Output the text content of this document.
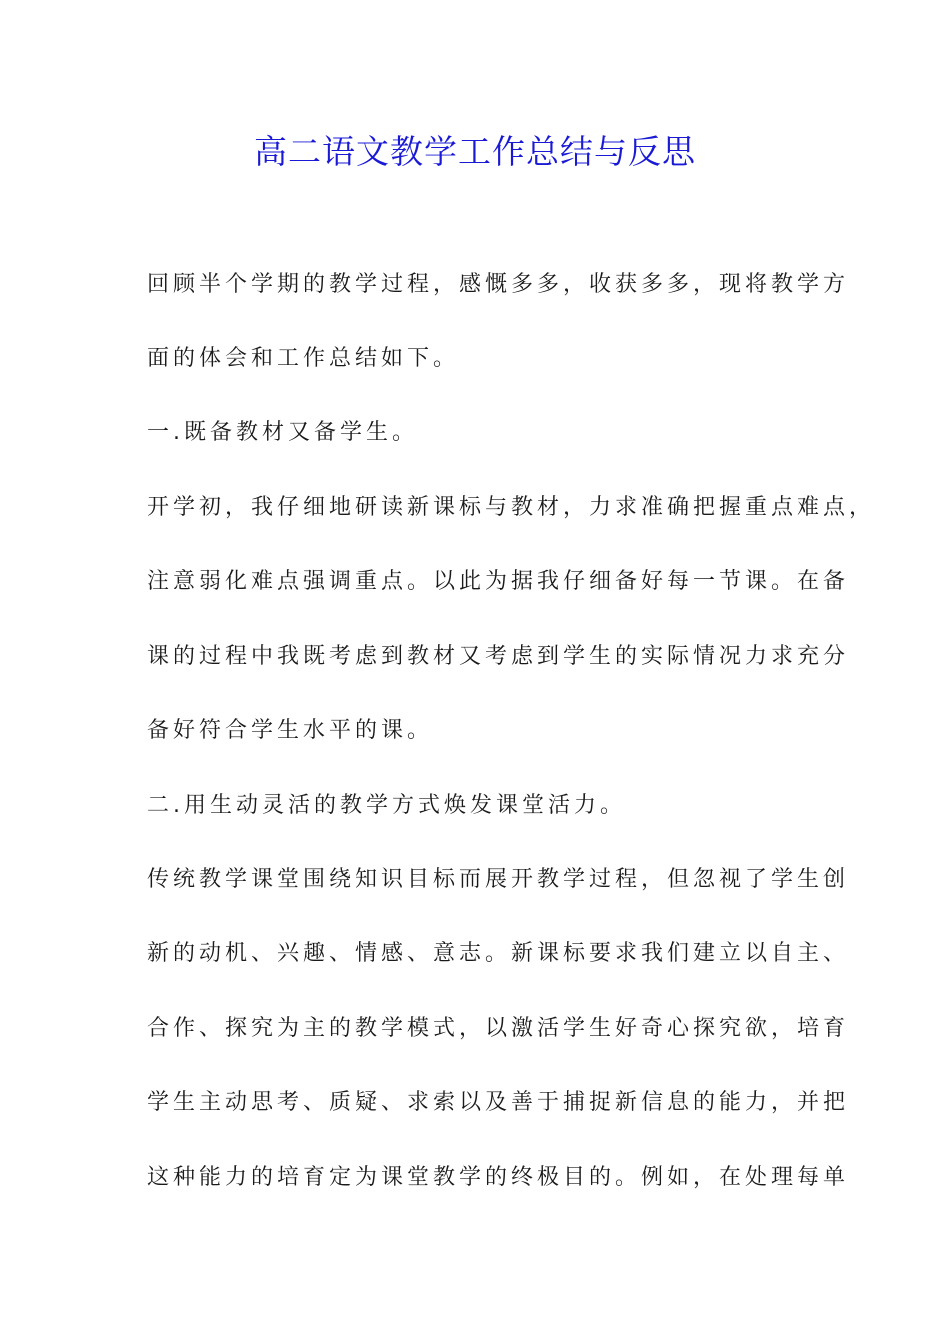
高二语文教学工作总结与反思

回顾半个学期的教学过程，感慨多多，收获多多，现将教学方

面的体会和工作总结如下。

一.既备教材又备学生。

开学初，我仔细地研读新课标与教材，力求准确把握重点难点，

注意弱化难点强调重点。以此为据我仔细备好每一节课。在备

课的过程中我既考虑到教材又考虑到学生的实际情况力求充分

备好符合学生水平的课。

二.用生动灵活的教学方式焕发课堂活力。

传统教学课堂围绕知识目标而展开教学过程，但忽视了学生创

新的动机、兴趣、情感、意志。新课标要求我们建立以自主、

合作、探究为主的教学模式，以激活学生好奇心探究欲，培育

学生主动思考、质疑、求索以及善于捕捉新信息的能力，并把

这种能力的培育定为课堂教学的终极目的。例如，在处理每单
